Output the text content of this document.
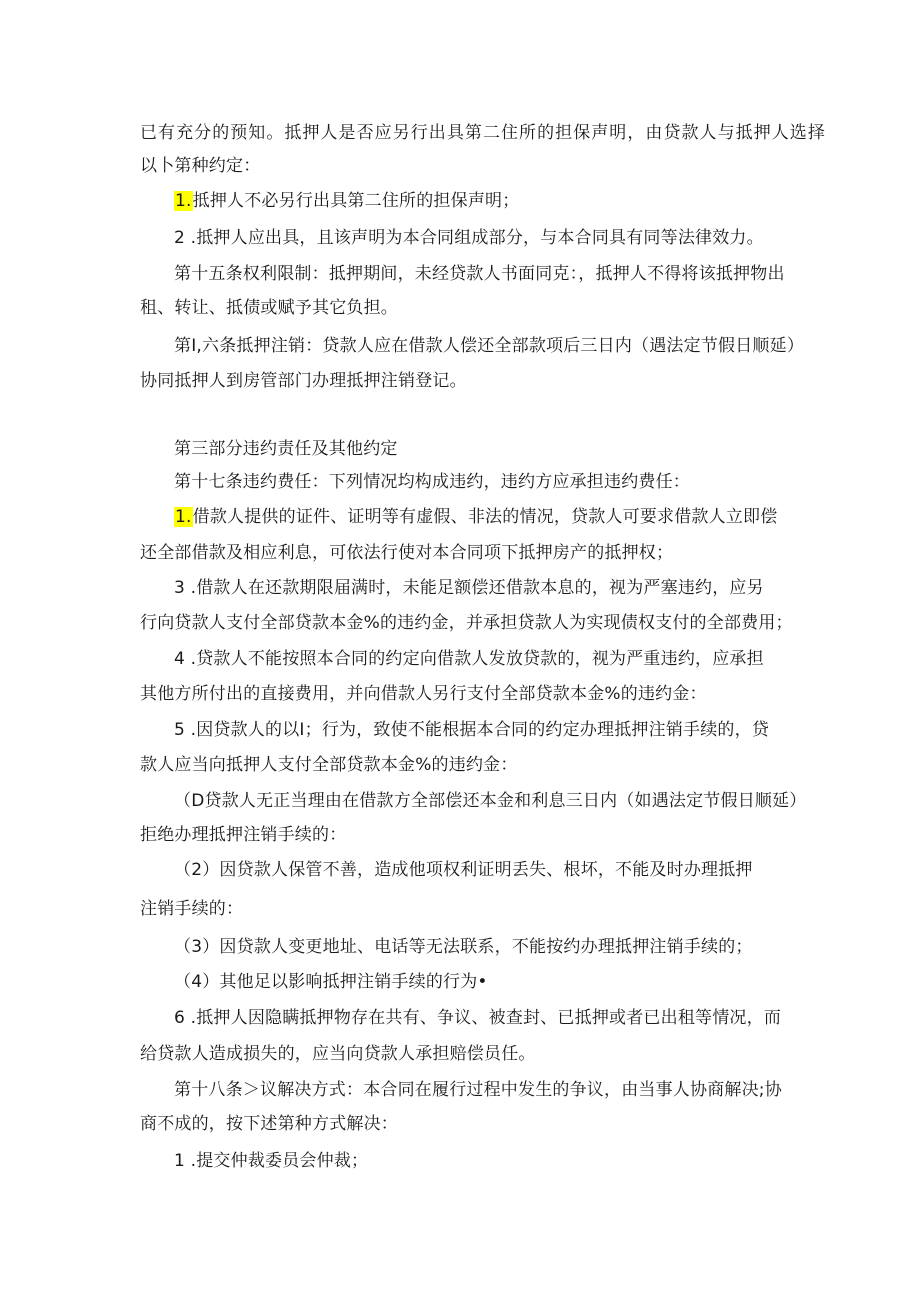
已有充分的预知。抵押人是否应另行出具第二住所的担保声明，由贷款人与抵押人选择
以卜第种约定：
1.抵押人不必另行出具第二住所的担保声明；
2 .抵押人应出具，且该声明为本合同组成部分，与本合同具有同等法律效力。
第十五条权利限制：抵押期间，未经贷款人书面同克：，抵押人不得将该抵押物出
租、转让、抵债或赋予其它负担。
第I,六条抵押注销：贷款人应在借款人偿还全部款项后三日内（遇法定节假日顺延）
协同抵押人到房管部门办理抵押注销登记。
第三部分违约责任及其他约定
第十七条违约费任：下列情况均构成违约，违约方应承担违约费任：
1.借款人提供的证件、证明等有虚假、非法的情况，贷款人可要求借款人立即偿
还全部借款及相应利息，可依法行使对本合同项下抵押房产的抵押权；
3 .借款人在还款期限届满时，未能足额偿还借款本息的，视为严塞违约，应另
行向贷款人支付全部贷款本金%的违约金，并承担贷款人为实现债权支付的全部费用；
4 .贷款人不能按照本合同的约定向借款人发放贷款的，视为严重违约，应承担
其他方所付出的直接费用，并向借款人另行支付全部贷款本金%的违约金：
5 .因贷款人的以I；行为，致使不能根据本合同的约定办理抵押注销手续的，贷
款人应当向抵押人支付全部贷款本金%的违约金：
（D贷款人无正当理由在借款方全部偿还本金和利息三日内（如遇法定节假日顺延）
拒绝办理抵押注销手续的：
（2）因贷款人保管不善，造成他项权利证明丢失、根坏，不能及时办理抵押
注销手续的：
（3）因贷款人变更地址、电话等无法联系，不能按约办理抵押注销手续的；
（4）其他足以影响抵押注销手续的行为•
6 .抵押人因隐瞒抵押物存在共有、争议、被查封、已抵押或者已出租等情况，而
给贷款人造成损失的，应当向贷款人承担赔偿员任。
第十八条＞议解决方式：本合同在履行过程中发生的争议，由当事人协商解决;协
商不成的，按下述第种方式解决：
1 .提交仲裁委员会仲裁；
